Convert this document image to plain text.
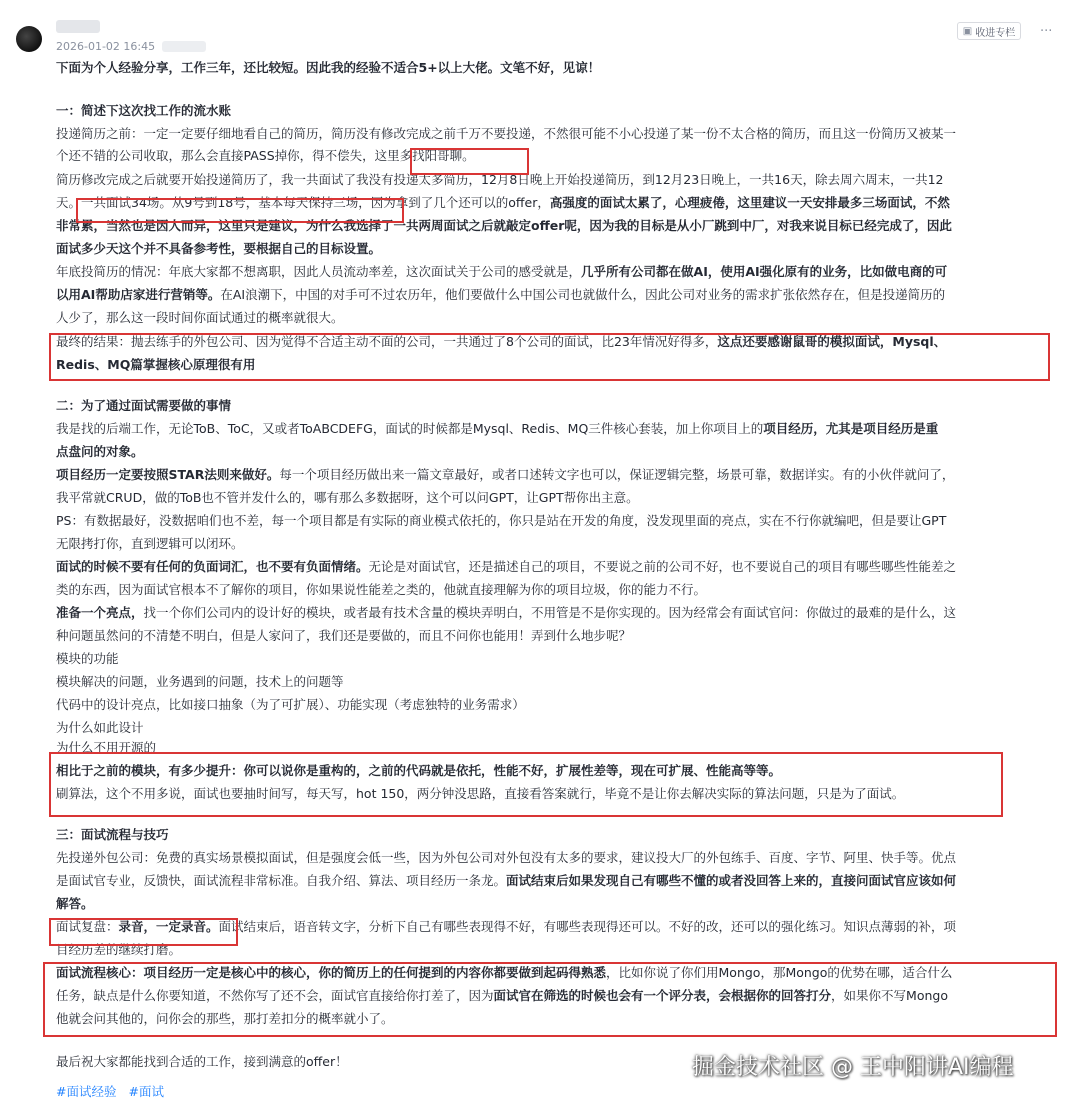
2026-01-02 16:45
▣ 收进专栏 ···
下面为个人经验分享，工作三年，还比较短。因此我的经验不适合5+以上大佬。文笔不好，见谅！
一：简述下这次找工作的流水账
投递简历之前：一定一定要仔细地看自己的简历，简历没有修改完成之前千万不要投递，不然很可能不小心投递了某一份不太合格的简历，而且这一份简历又被某一
个还不错的公司收取，那么会直接PASS掉你，得不偿失，这里多找阳哥聊。
简历修改完成之后就要开始投递简历了，我一共面试了我没有投递太多简历，12月8日晚上开始投递简历，到12月23日晚上，一共16天，除去周六周末，一共12
天。一共面试34场。从9号到18号，基本每天保持三场，因为拿到了几个还可以的offer，高强度的面试太累了，心理疲倦，这里建议一天安排最多三场面试，不然
非常累，当然也是因人而异，这里只是建议，为什么我选择了一共两周面试之后就敲定offer呢，因为我的目标是从小厂跳到中厂，对我来说目标已经完成了，因此
面试多少天这个并不具备参考性，要根据自己的目标设置。
年底投简历的情况：年底大家都不想离职，因此人员流动率差，这次面试关于公司的感受就是，几乎所有公司都在做AI，使用AI强化原有的业务，比如做电商的可
以用AI帮助店家进行营销等。在AI浪潮下，中国的对手可不过农历年，他们要做什么中国公司也就做什么，因此公司对业务的需求扩张依然存在，但是投递简历的
人少了，那么这一段时间你面试通过的概率就很大。
最终的结果：抛去练手的外包公司、因为觉得不合适主动不面的公司，一共通过了8个公司的面试，比23年情况好得多，这点还要感谢鼠哥的模拟面试，Mysql、
Redis、MQ篇掌握核心原理很有用
二：为了通过面试需要做的事情
我是找的后端工作，无论ToB、ToC，又或者ToABCDEFG，面试的时候都是Mysql、Redis、MQ三件核心套装，加上你项目上的项目经历，尤其是项目经历是重
点盘问的对象。
项目经历一定要按照STAR法则来做好。每一个项目经历做出来一篇文章最好，或者口述转文字也可以，保证逻辑完整，场景可靠，数据详实。有的小伙伴就问了，
我平常就CRUD，做的ToB也不管并发什么的，哪有那么多数据呀，这个可以问GPT，让GPT帮你出主意。
PS：有数据最好，没数据咱们也不差，每一个项目都是有实际的商业模式依托的，你只是站在开发的角度，没发现里面的亮点，实在不行你就编吧，但是要让GPT
无限拷打你，直到逻辑可以闭环。
面试的时候不要有任何的负面词汇，也不要有负面情绪。无论是对面试官，还是描述自己的项目，不要说之前的公司不好，也不要说自己的项目有哪些哪些性能差之
类的东西，因为面试官根本不了解你的项目，你如果说性能差之类的，他就直接理解为你的项目垃圾，你的能力不行。
准备一个亮点，找一个你们公司内的设计好的模块，或者最有技术含量的模块弄明白，不用管是不是你实现的。因为经常会有面试官问：你做过的最难的是什么，这
种问题虽然问的不清楚不明白，但是人家问了，我们还是要做的，而且不问你也能用！弄到什么地步呢？
模块的功能
模块解决的问题，业务遇到的问题，技术上的问题等
代码中的设计亮点，比如接口抽象（为了可扩展）、功能实现（考虑独特的业务需求）
为什么如此设计
为什么不用开源的
相比于之前的模块，有多少提升：你可以说你是重构的，之前的代码就是依托，性能不好，扩展性差等，现在可扩展、性能高等等。
刷算法，这个不用多说，面试也要抽时间写，每天写，hot 150，两分钟没思路，直接看答案就行，毕竟不是让你去解决实际的算法问题，只是为了面试。
三：面试流程与技巧
先投递外包公司：免费的真实场景模拟面试，但是强度会低一些，因为外包公司对外包没有太多的要求，建议投大厂的外包练手、百度、字节、阿里、快手等。优点
是面试官专业，反馈快，面试流程非常标准。自我介绍、算法、项目经历一条龙。面试结束后如果发现自己有哪些不懂的或者没回答上来的，直接问面试官应该如何
解答。
面试复盘：录音，一定录音。面试结束后，语音转文字，分析下自己有哪些表现得不好，有哪些表现得还可以。不好的改，还可以的强化练习。知识点薄弱的补，项
目经历差的继续打磨。
面试流程核心：项目经历一定是核心中的核心，你的简历上的任何提到的内容你都要做到起码得熟悉，比如你说了你们用Mongo，那Mongo的优势在哪，适合什么
任务，缺点是什么你要知道，不然你写了还不会，面试官直接给你打差了，因为面试官在筛选的时候也会有一个评分表，会根据你的回答打分，如果你不写Mongo
他就会问其他的，问你会的那些，那打差扣分的概率就小了。
最后祝大家都能找到合适的工作，接到满意的offer！
#面试经验 #面试
掘金技术社区 @ 王中阳讲AI编程
